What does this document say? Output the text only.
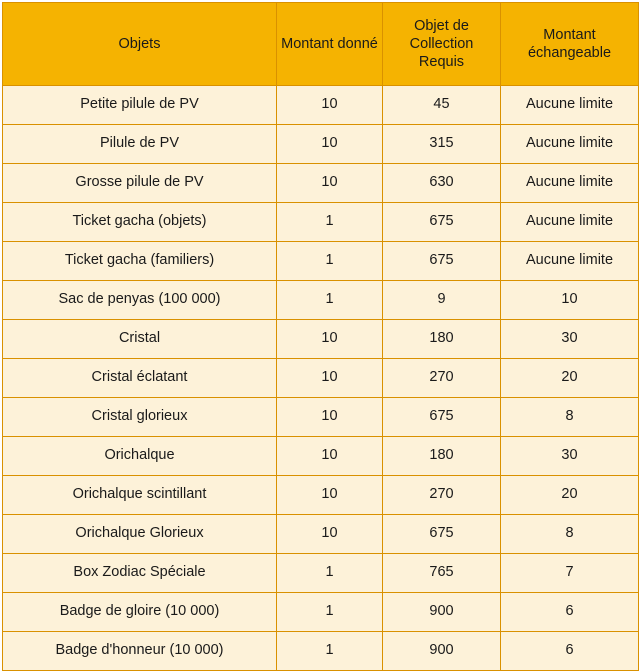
Objets	Montant donné	Objet de Collection Requis	Montant échangeable
Petite pilule de PV	10	45	Aucune limite
Pilule de PV	10	315	Aucune limite
Grosse pilule de PV	10	630	Aucune limite
Ticket gacha (objets)	1	675	Aucune limite
Ticket gacha (familiers)	1	675	Aucune limite
Sac de penyas (100 000)	1	9	10
Cristal	10	180	30
Cristal éclatant	10	270	20
Cristal glorieux	10	675	8
Orichalque	10	180	30
Orichalque scintillant	10	270	20
Orichalque Glorieux	10	675	8
Box Zodiac Spéciale	1	765	7
Badge de gloire (10 000)	1	900	6
Badge d'honneur (10 000)	1	900	6
